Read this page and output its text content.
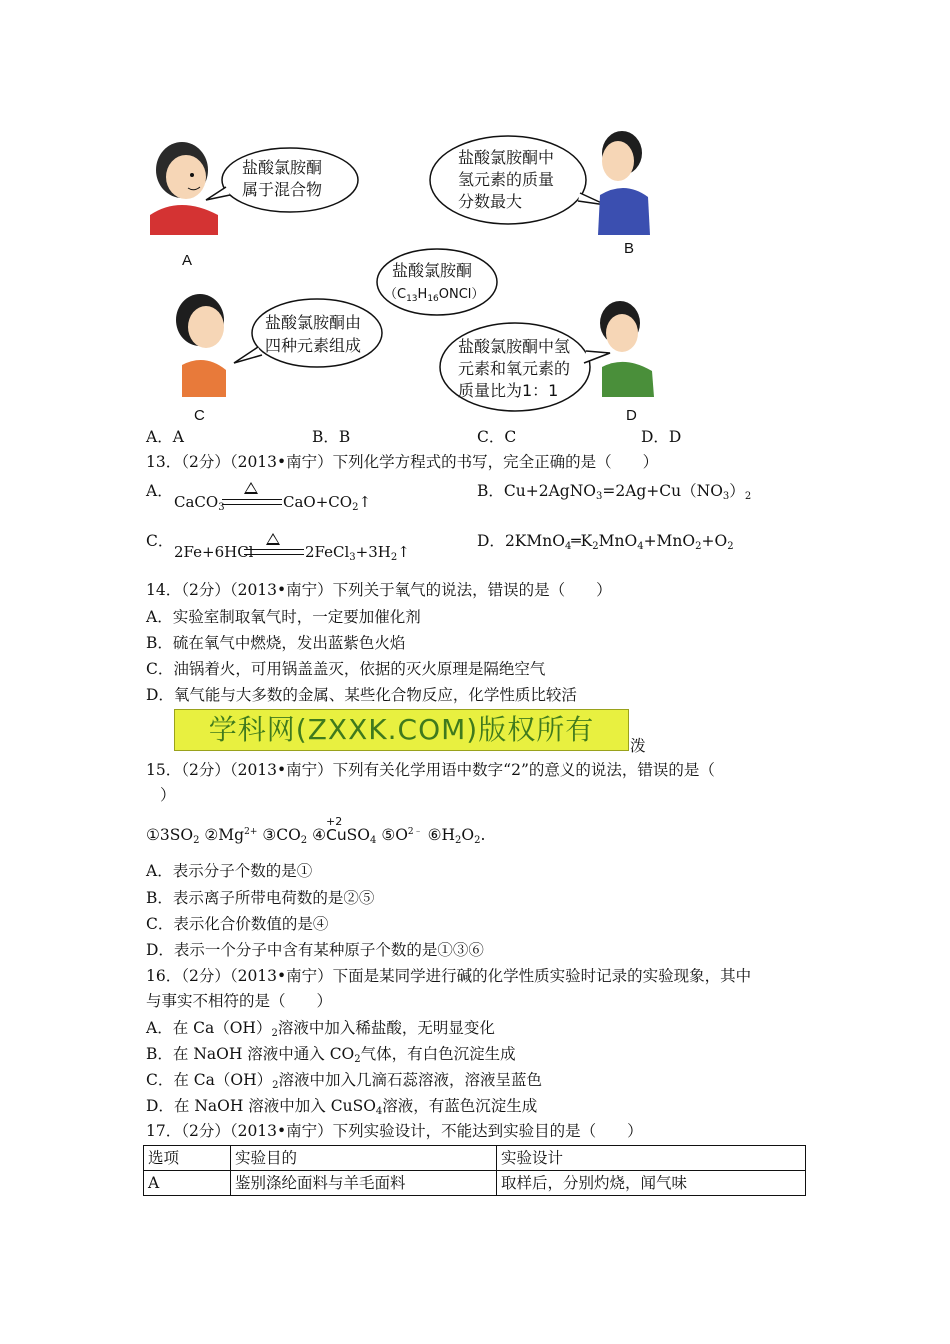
盐酸氯胺酮
属于混合物
A
盐酸氯胺酮中
氢元素的质量
分数最大
B
盐酸氯胺酮
$(C_{13}H_{16}ONCl)$
盐酸氯胺酮由
四种元素组成
C
盐酸氯胺酮中氢
元素和氧元素的
质量比为1：1
D
A．A	B．B	C．C	D．D
13．（2分）（2013•南宁）下列化学方程式的书写，完全正确的是（　　）
A．
CaCO$_3$	$CaO+CO_2↑$
B．$Cu+2AgNO_3=2Ag+Cu(NO_3)_2$
C．
2Fe+6HCl	$2FeCl_3+3H_2↑$
D．$2KMnO_4═K_2MnO_4+MnO_2+O_2$
14．（2分）（2013•南宁）下列关于氧气的说法，错误的是（　　）
A．实验室制取氧气时，一定要加催化剂
B．硫在氧气中燃烧，发出蓝紫色火焰
C．油锅着火，可用锅盖盖灭，依据的灭火原理是隔绝空气
D．氧气能与大多数的金属、某些化合物反应，化学性质比较活
学科网(ZXXK.COM)版权所有	泼
15．（2分）（2013•南宁）下列有关化学用语中数字“2”的意义的说法，错误的是（
）
$①3SO_2$ $②Mg^{2+}$ $③CO_2$ ④
+2
CuSO$_4$ $⑤O^{2﹣}$ $⑥H_2O_2$.
A．表示分子个数的是①
B．表示离子所带电荷数的是②⑤
C．表示化合价数值的是④
D．表示一个分子中含有某种原子个数的是①③⑥
16．（2分）（2013•南宁）下面是某同学进行碱的化学性质实验时记录的实验现象，其中
与事实不相符的是（　　）
A．在 $Ca(OH)_2$溶液中加入稀盐酸，无明显变化
B．在 NaOH 溶液中通入 $CO_2$气体，有白色沉淀生成
C．在 $Ca(OH)_2$溶液中加入几滴石蕊溶液，溶液呈蓝色
D．在 NaOH 溶液中加入 CuSO$_4$溶液，有蓝色沉淀生成
17．（2分）（2013•南宁）下列实验设计，不能达到实验目的是（　　）
选项	实验目的	实验设计
A	鉴别涤纶面料与羊毛面料	取样后，分别灼烧，闻气味
